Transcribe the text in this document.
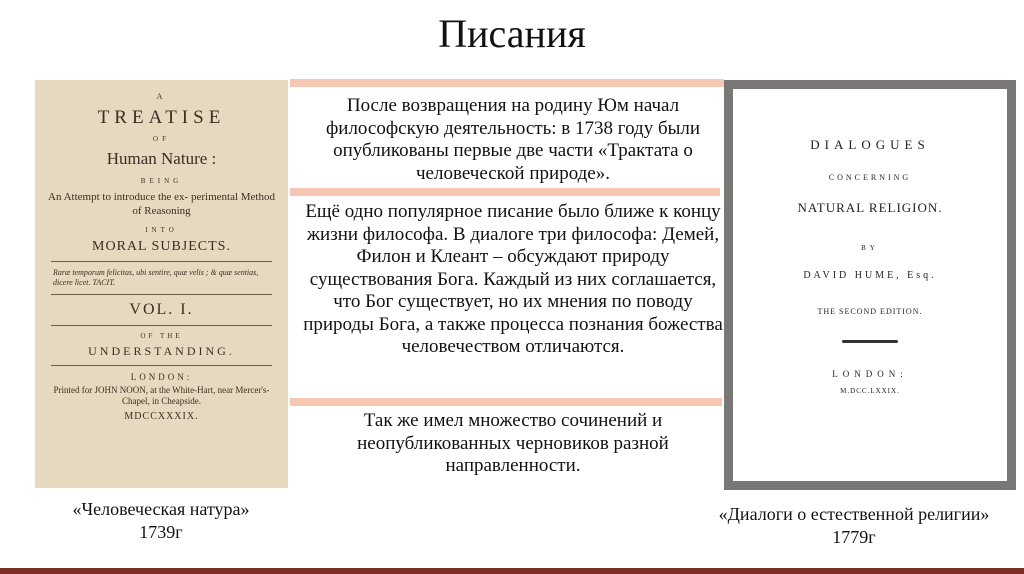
Писания
A
TREATISE
OF
Human Nature :
BEING
An Attempt to introduce the ex- perimental Method of Reasoning
INTO
MORAL SUBJECTS.
Raræ temporum felicitas, ubi sentire, quæ velis ; & quæ sentias, dicere licet. TACIT.
VOL. I.
OF THE
UNDERSTANDING.
LONDON:
Printed for JOHN NOON, at the White-Hart, near Mercer's-Chapel, in Cheapside.
MDCCXXXIX.
После возвращения на родину Юм начал философскую деятельность: в 1738 году были опубликованы первые две части «Трактата о человеческой природе».
Ещё одно популярное писание было ближе к концу жизни философа. В диалоге три философа: Демей, Филон и Клеант – обсуждают природу существования Бога. Каждый из них соглашается, что Бог существует, но их мнения по поводу природы Бога, а также процесса познания божества человечеством отличаются.
Так же имел множество сочинений и неопубликованных черновиков разной направленности.
DIALOGUES
CONCERNING
NATURAL RELIGION.
BY
DAVID HUME, Esq.
THE SECOND EDITION.
LONDON:
M.DCC.LXXIX.
«Человеческая натура»
1739г
«Диалоги о естественной религии»
1779г
